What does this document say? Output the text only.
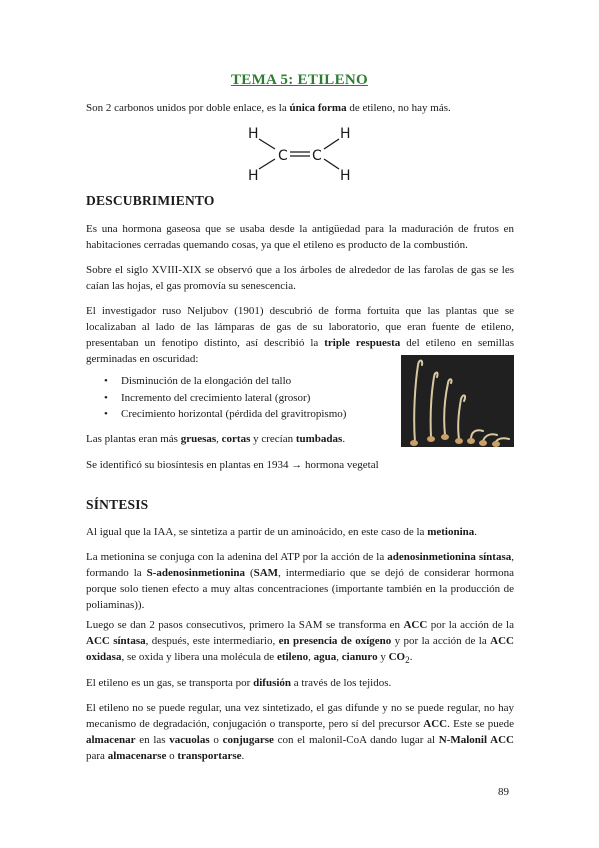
TEMA 5: ETILENO
Son 2 carbonos unidos por doble enlace, es la única forma de etileno, no hay más.
H
H
H
H
C C
DESCUBRIMIENTO
Es una hormona gaseosa que se usaba desde la antigüedad para la maduración de frutos en habitaciones cerradas quemando cosas, ya que el etileno es producto de la combustión.
Sobre el siglo XVIII-XIX se observó que a los árboles de alrededor de las farolas de gas se les caían las hojas, el gas promovía su senescencia.
El investigador ruso Neljubov (1901) descubrió de forma fortuita que las plantas que se localizaban al lado de las lámparas de gas de su laboratorio, que eran fuente de etileno, presentaban un fenotipo distinto, así describió la triple respuesta del etileno en semillas germinadas en oscuridad:
• Disminución de la elongación del tallo
• Incremento del crecimiento lateral (grosor)
• Crecimiento horizontal (pérdida del gravitropismo)
Las plantas eran más gruesas, cortas y crecían tumbadas.
Se identificó su biosíntesis en plantas en 1934 → hormona vegetal
SÍNTESIS
Al igual que la IAA, se sintetiza a partir de un aminoácido, en este caso de la metionina.
La metionina se conjuga con la adenina del ATP por la acción de la adenosinmetionina síntasa, formando la S-adenosinmetionina (SAM, intermediario que se dejó de considerar hormona porque solo tienen efecto a muy altas concentraciones (importante también en la producción de poliaminas)).
Luego se dan 2 pasos consecutivos, primero la SAM se transforma en ACC por la acción de la ACC síntasa, después, este intermediario, en presencia de oxígeno y por la acción de la ACC oxidasa, se oxida y libera una molécula de etileno, agua, cianuro y $CO_2$.
El etileno es un gas, se transporta por difusión a través de los tejidos.
El etileno no se puede regular, una vez sintetizado, el gas difunde y no se puede regular, no hay mecanismo de degradación, conjugación o transporte, pero sí del precursor ACC. Este se puede almacenar en las vacuolas o conjugarse con el malonil-CoA dando lugar al N-Malonil ACC para almacenarse o transportarse.
89
